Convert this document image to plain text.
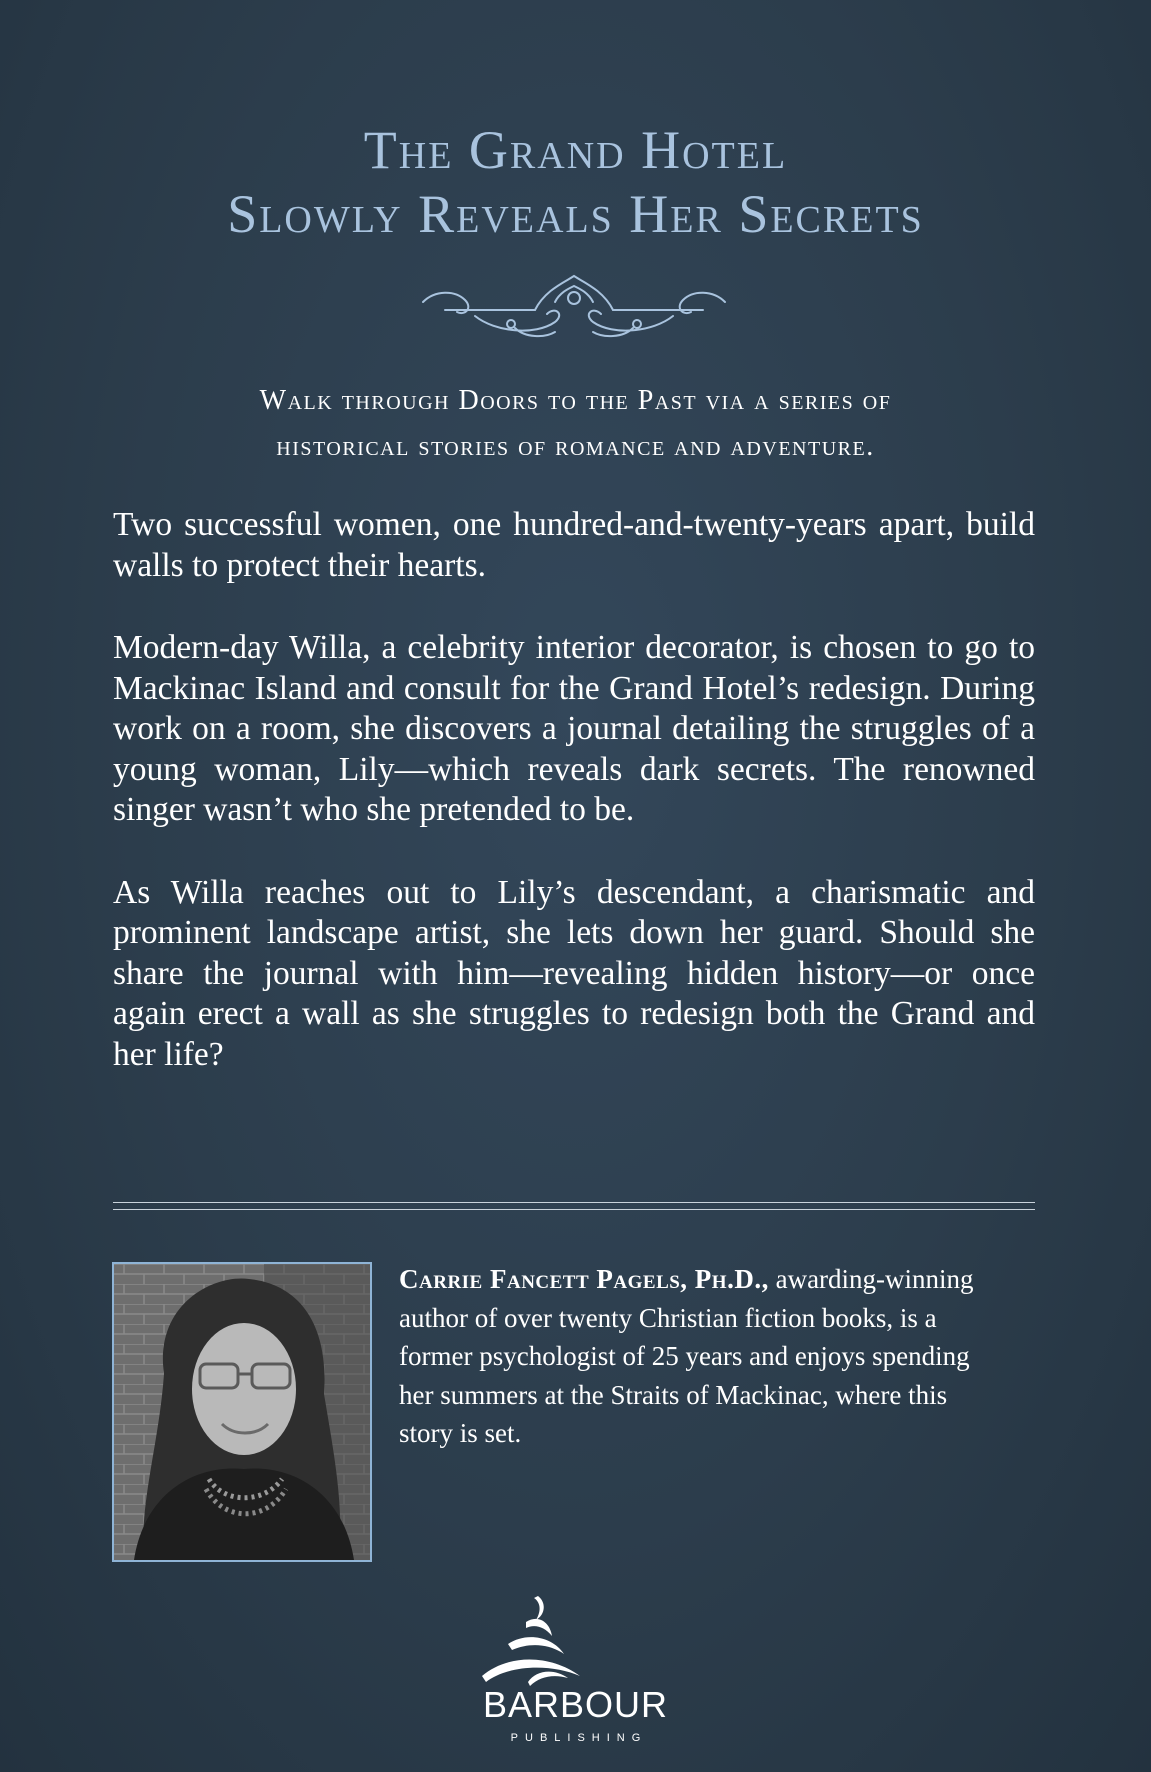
The Grand Hotel
Slowly Reveals Her Secrets
Walk through Doors to the Past via a series of
historical stories of romance and adventure.

Two successful women, one hundred-and-twenty-years apart, build walls to protect their hearts.

Modern-day Willa, a celebrity interior decorator, is chosen to go to Mackinac Island and consult for the Grand Hotel’s redesign. During work on a room, she discovers a journal detailing the struggles of a young woman, Lily—which reveals dark secrets. The renowned singer wasn’t who she pretended to be.

As Willa reaches out to Lily’s descendant, a charismatic and prominent landscape artist, she lets down her guard. Should she share the journal with him—revealing hidden history—or once again erect a wall as she struggles to redesign both the Grand and her life?

Carrie Fancett Pagels, Ph.D., awarding-winning author of over twenty Christian fiction books, is a former psychologist of 25 years and enjoys spending her summers at the Straits of Mackinac, where this story is set.
BARBOUR
PUBLISHING
